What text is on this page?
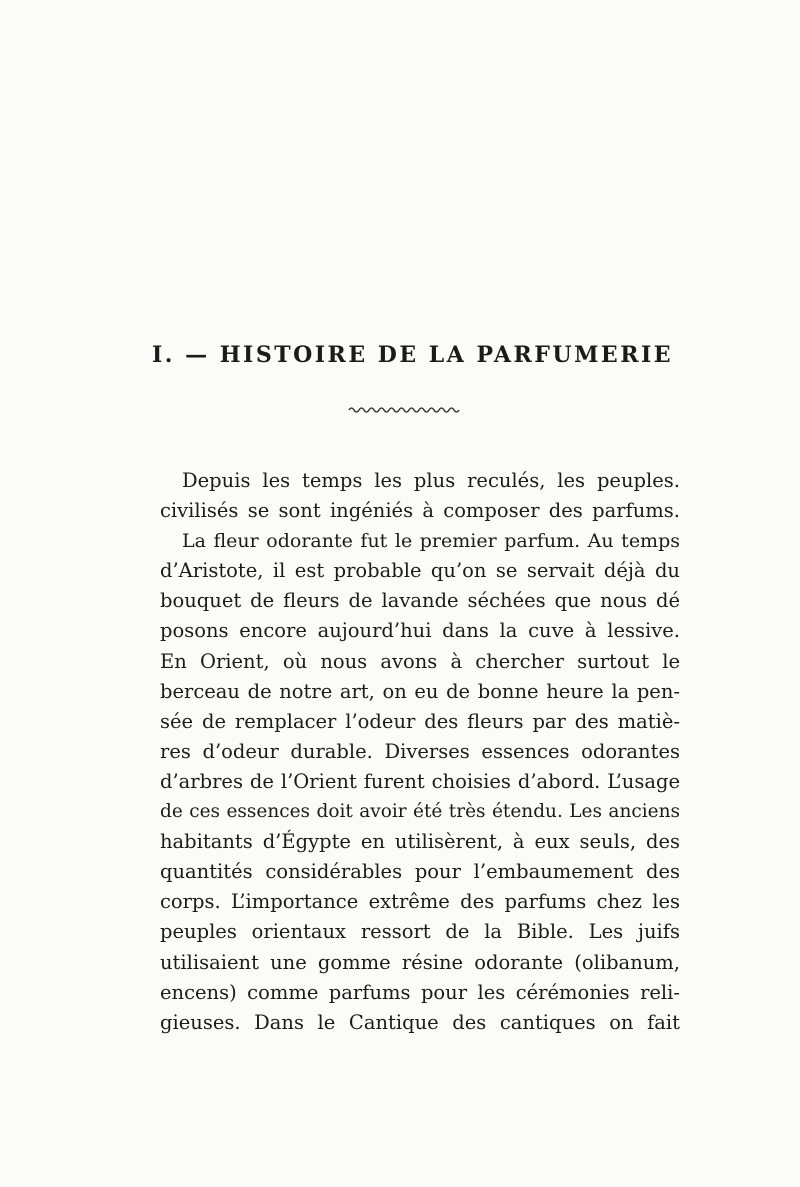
I. — HISTOIRE DE LA PARFUMERIE
Depuis les temps les plus reculés, les peuples.
civilisés se sont ingéniés à composer des parfums.
La fleur odorante fut le premier parfum. Au temps
d’Aristote, il est probable qu’on se servait déjà du
bouquet de fleurs de lavande séchées que nous dé
posons encore aujourd’hui dans la cuve à lessive.
En Orient, où nous avons à chercher surtout le
berceau de notre art, on eu de bonne heure la pen-
sée de remplacer l’odeur des fleurs par des matiè-
res d’odeur durable. Diverses essences odorantes
d’arbres de l’Orient furent choisies d’abord. L’usage
de ces essences doit avoir été très étendu. Les anciens
habitants d’Égypte en utilisèrent, à eux seuls, des
quantités considérables pour l’embaumement des
corps. L’importance extrême des parfums chez les
peuples orientaux ressort de la Bible. Les juifs
utilisaient une gomme résine odorante (olibanum,
encens) comme parfums pour les cérémonies reli-
gieuses. Dans le Cantique des cantiques on fait
